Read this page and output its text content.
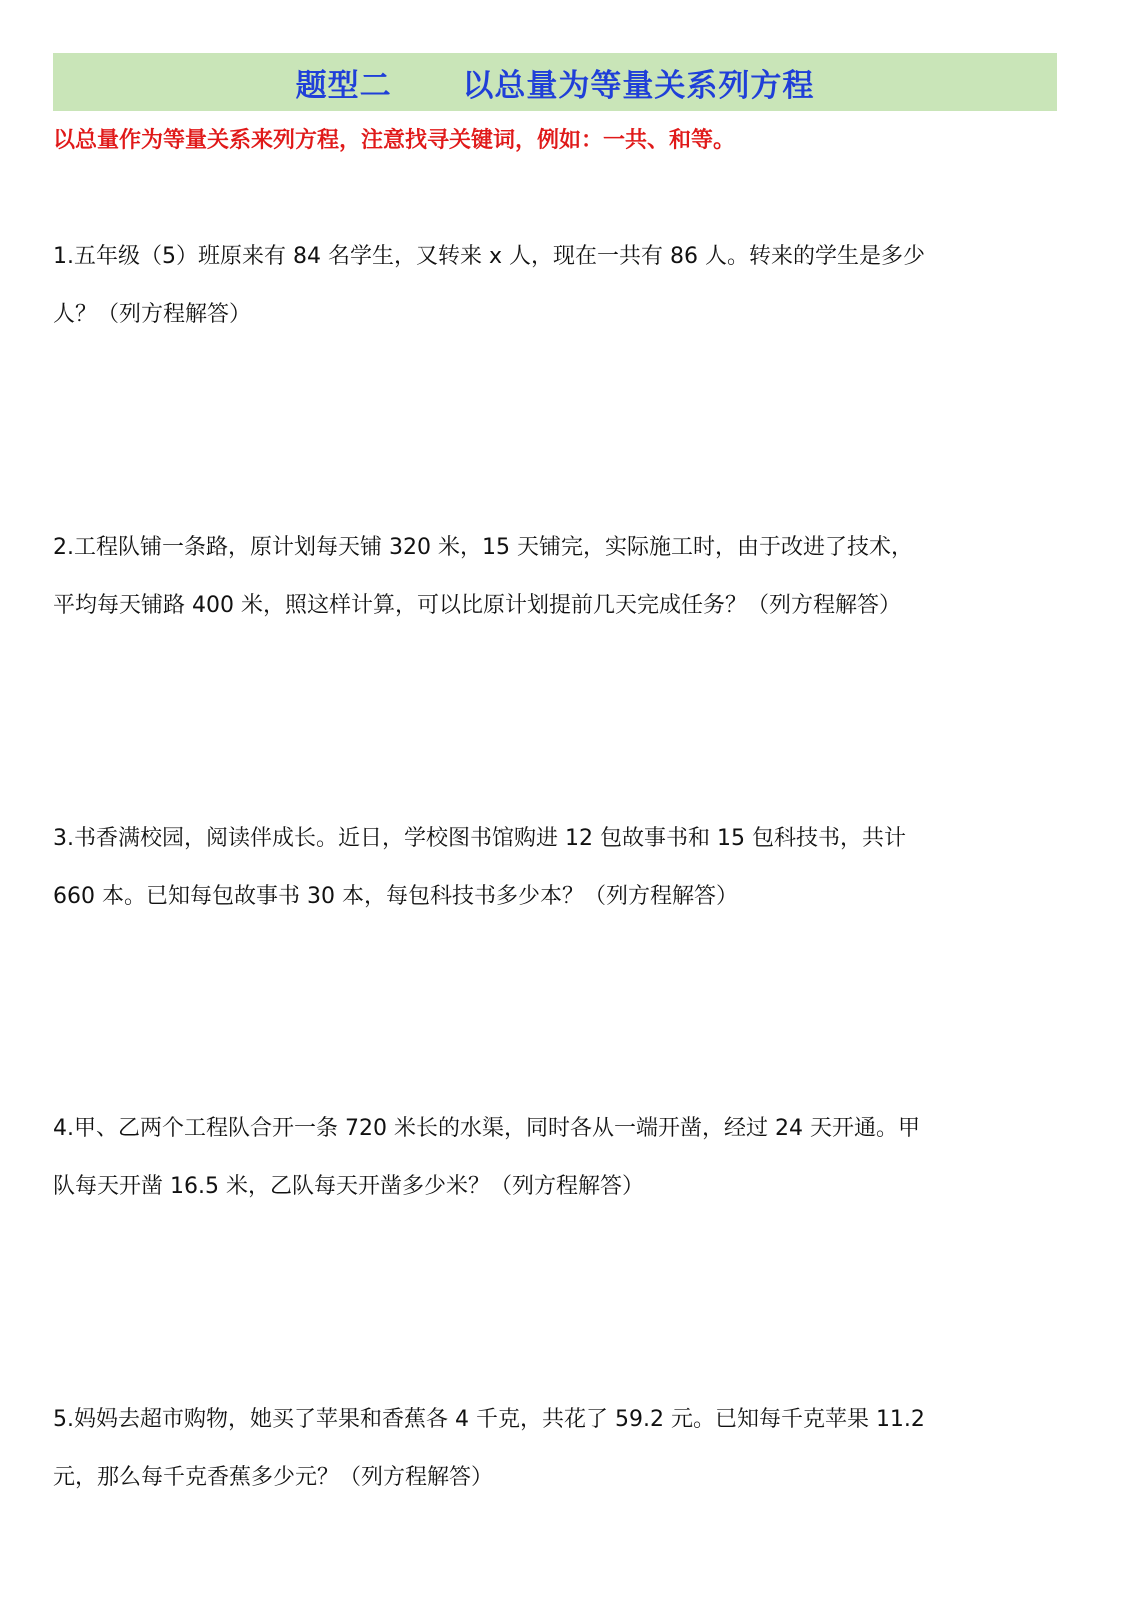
题型二      以总量为等量关系列方程
以总量作为等量关系来列方程，注意找寻关键词，例如：一共、和等。

1.五年级（5）班原来有 84 名学生，又转来 x 人，现在一共有 86 人。转来的学生是多少

人？（列方程解答）

2.工程队铺一条路，原计划每天铺 320 米，15 天铺完，实际施工时，由于改进了技术，

平均每天铺路 400 米，照这样计算，可以比原计划提前几天完成任务？（列方程解答）

3.书香满校园，阅读伴成长。近日，学校图书馆购进 12 包故事书和 15 包科技书，共计

660 本。已知每包故事书 30 本，每包科技书多少本？（列方程解答）

4.甲、乙两个工程队合开一条 720 米长的水渠，同时各从一端开凿，经过 24 天开通。甲

队每天开凿 16.5 米，乙队每天开凿多少米？（列方程解答）

5.妈妈去超市购物，她买了苹果和香蕉各 4 千克，共花了 59.2 元。已知每千克苹果 11.2

元，那么每千克香蕉多少元？（列方程解答）
